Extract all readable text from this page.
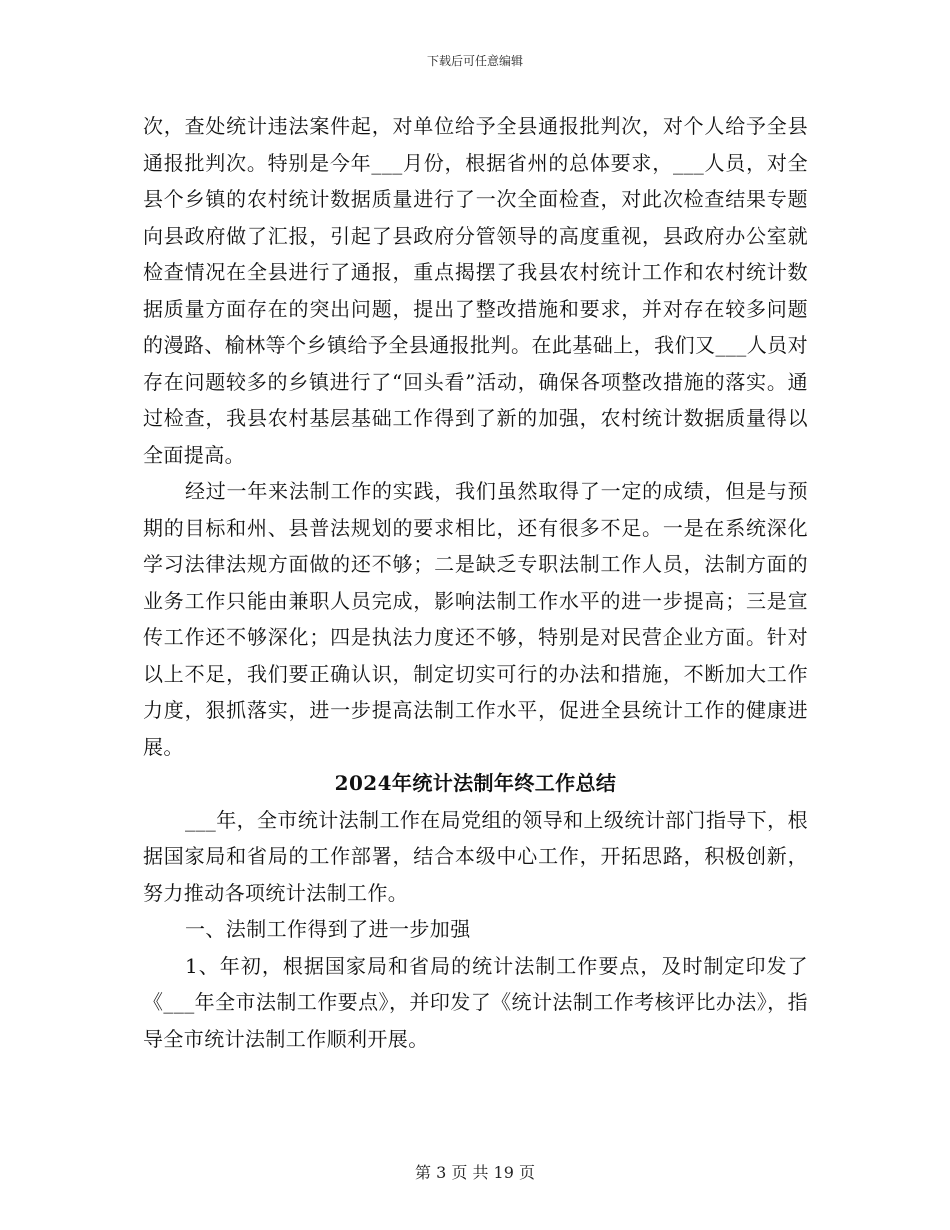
下载后可任意编辑

次，查处统计违法案件起，对单位给予全县通报批判次，对个人给予全县通报批判次。特别是今年___月份，根据省州的总体要求，___人员，对全县个乡镇的农村统计数据质量进行了一次全面检查，对此次检查结果专题向县政府做了汇报，引起了县政府分管领导的高度重视，县政府办公室就检查情况在全县进行了通报，重点揭摆了我县农村统计工作和农村统计数据质量方面存在的突出问题，提出了整改措施和要求，并对存在较多问题的漫路、榆林等个乡镇给予全县通报批判。在此基础上，我们又___人员对存在问题较多的乡镇进行了“回头看”活动，确保各项整改措施的落实。通过检查，我县农村基层基础工作得到了新的加强，农村统计数据质量得以全面提高。

经过一年来法制工作的实践，我们虽然取得了一定的成绩，但是与预期的目标和州、县普法规划的要求相比，还有很多不足。一是在系统深化学习法律法规方面做的还不够；二是缺乏专职法制工作人员，法制方面的业务工作只能由兼职人员完成，影响法制工作水平的进一步提高；三是宣传工作还不够深化；四是执法力度还不够，特别是对民营企业方面。针对以上不足，我们要正确认识，制定切实可行的办法和措施，不断加大工作力度，狠抓落实，进一步提高法制工作水平，促进全县统计工作的健康进展。

2024年统计法制年终工作总结

___年，全市统计法制工作在局党组的领导和上级统计部门指导下，根据国家局和省局的工作部署，结合本级中心工作，开拓思路，积极创新，努力推动各项统计法制工作。

一、法制工作得到了进一步加强

1、年初，根据国家局和省局的统计法制工作要点，及时制定印发了《___年全市法制工作要点》，并印发了《统计法制工作考核评比办法》，指导全市统计法制工作顺利开展。

第 3 页 共 19 页
